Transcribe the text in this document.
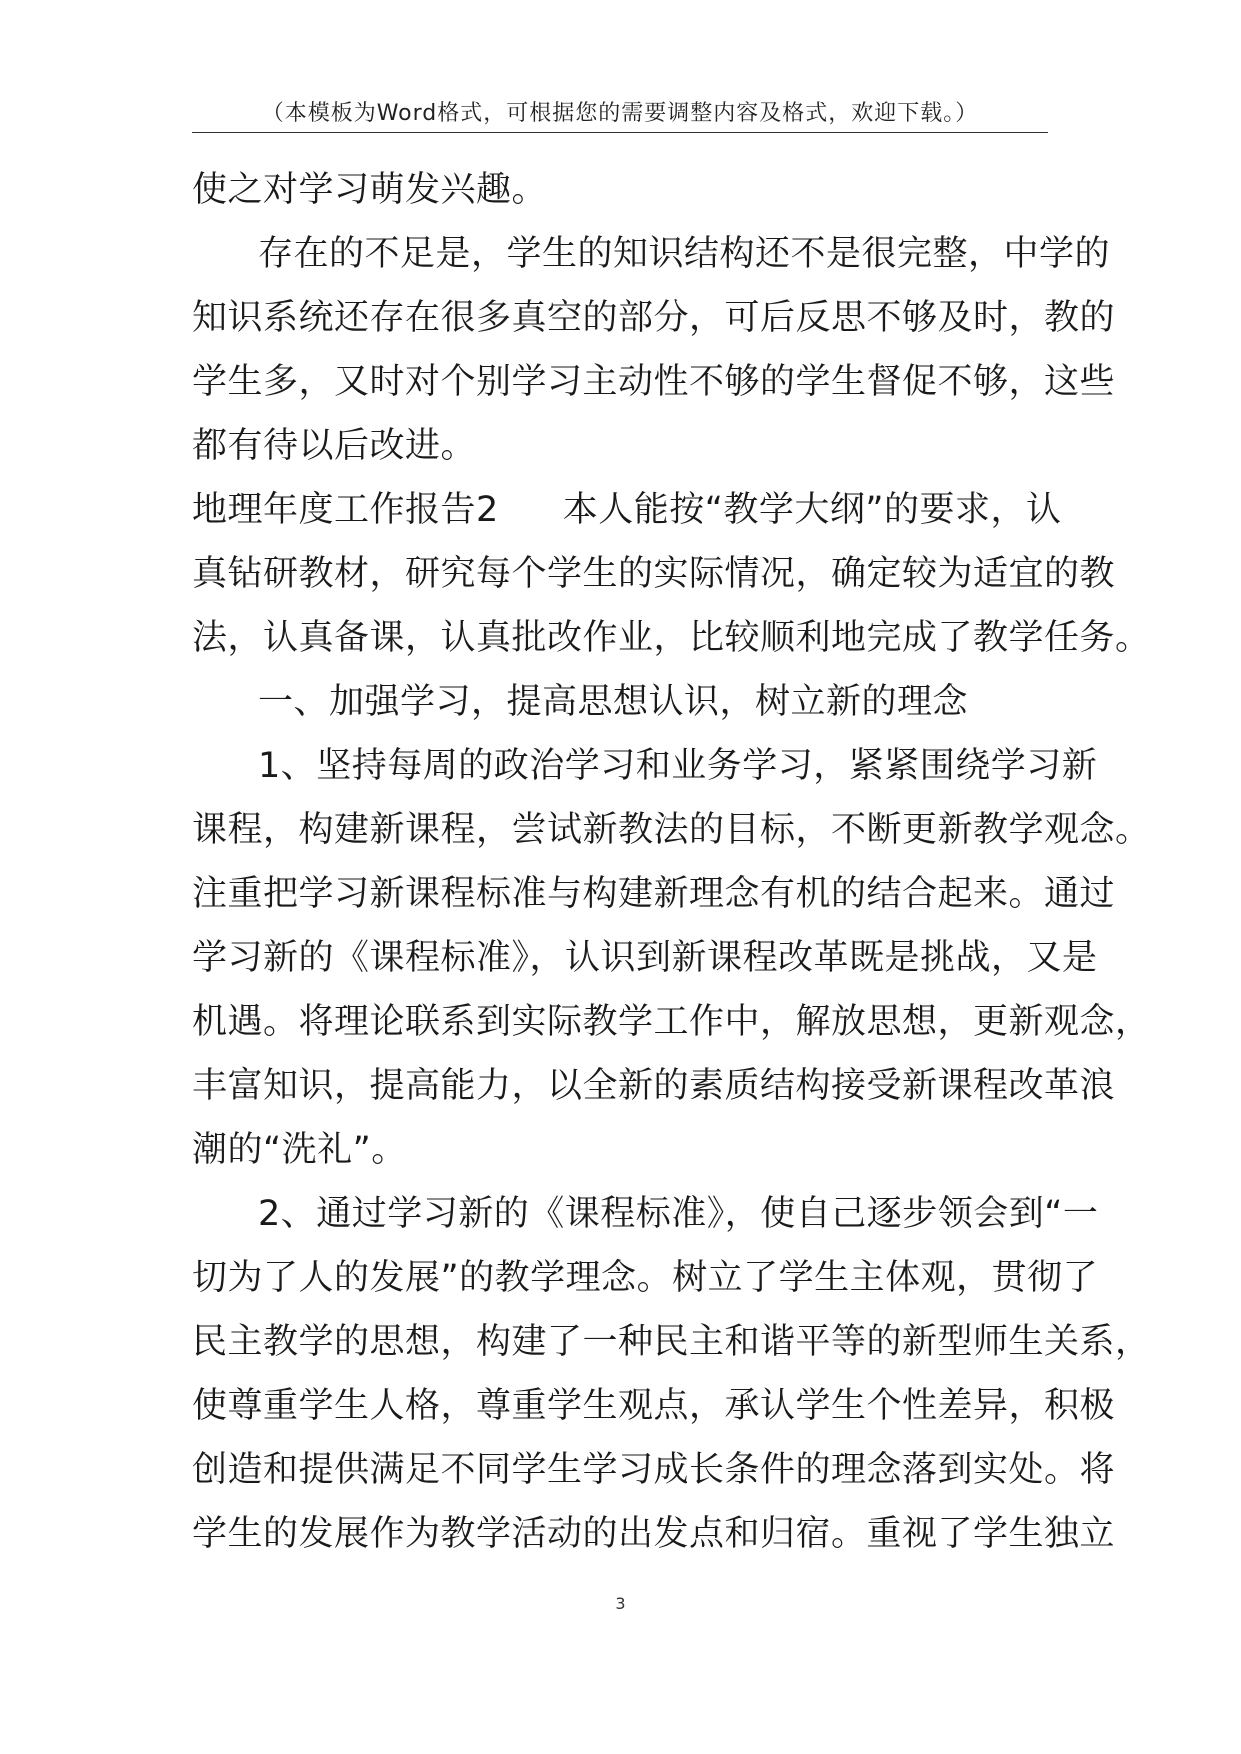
（本模板为Word格式，可根据您的需要调整内容及格式，欢迎下载。）
使之对学习萌发兴趣。
存在的不足是，学生的知识结构还不是很完整，中学的
知识系统还存在很多真空的部分，可后反思不够及时，教的
学生多，又时对个别学习主动性不够的学生督促不够，这些
都有待以后改进。
地理年度工作报告2 本人能按“教学大纲”的要求，认
真钻研教材，研究每个学生的实际情况，确定较为适宜的教
法，认真备课，认真批改作业，比较顺利地完成了教学任务。
一、加强学习，提高思想认识，树立新的理念
1、坚持每周的政治学习和业务学习，紧紧围绕学习新
课程，构建新课程，尝试新教法的目标，不断更新教学观念。
注重把学习新课程标准与构建新理念有机的结合起来。通过
学习新的《课程标准》，认识到新课程改革既是挑战，又是
机遇。将理论联系到实际教学工作中，解放思想，更新观念，
丰富知识，提高能力，以全新的素质结构接受新课程改革浪
潮的“洗礼”。
2、通过学习新的《课程标准》，使自己逐步领会到“一
切为了人的发展”的教学理念。树立了学生主体观，贯彻了
民主教学的思想，构建了一种民主和谐平等的新型师生关系，
使尊重学生人格，尊重学生观点，承认学生个性差异，积极
创造和提供满足不同学生学习成长条件的理念落到实处。将
学生的发展作为教学活动的出发点和归宿。重视了学生独立
3
